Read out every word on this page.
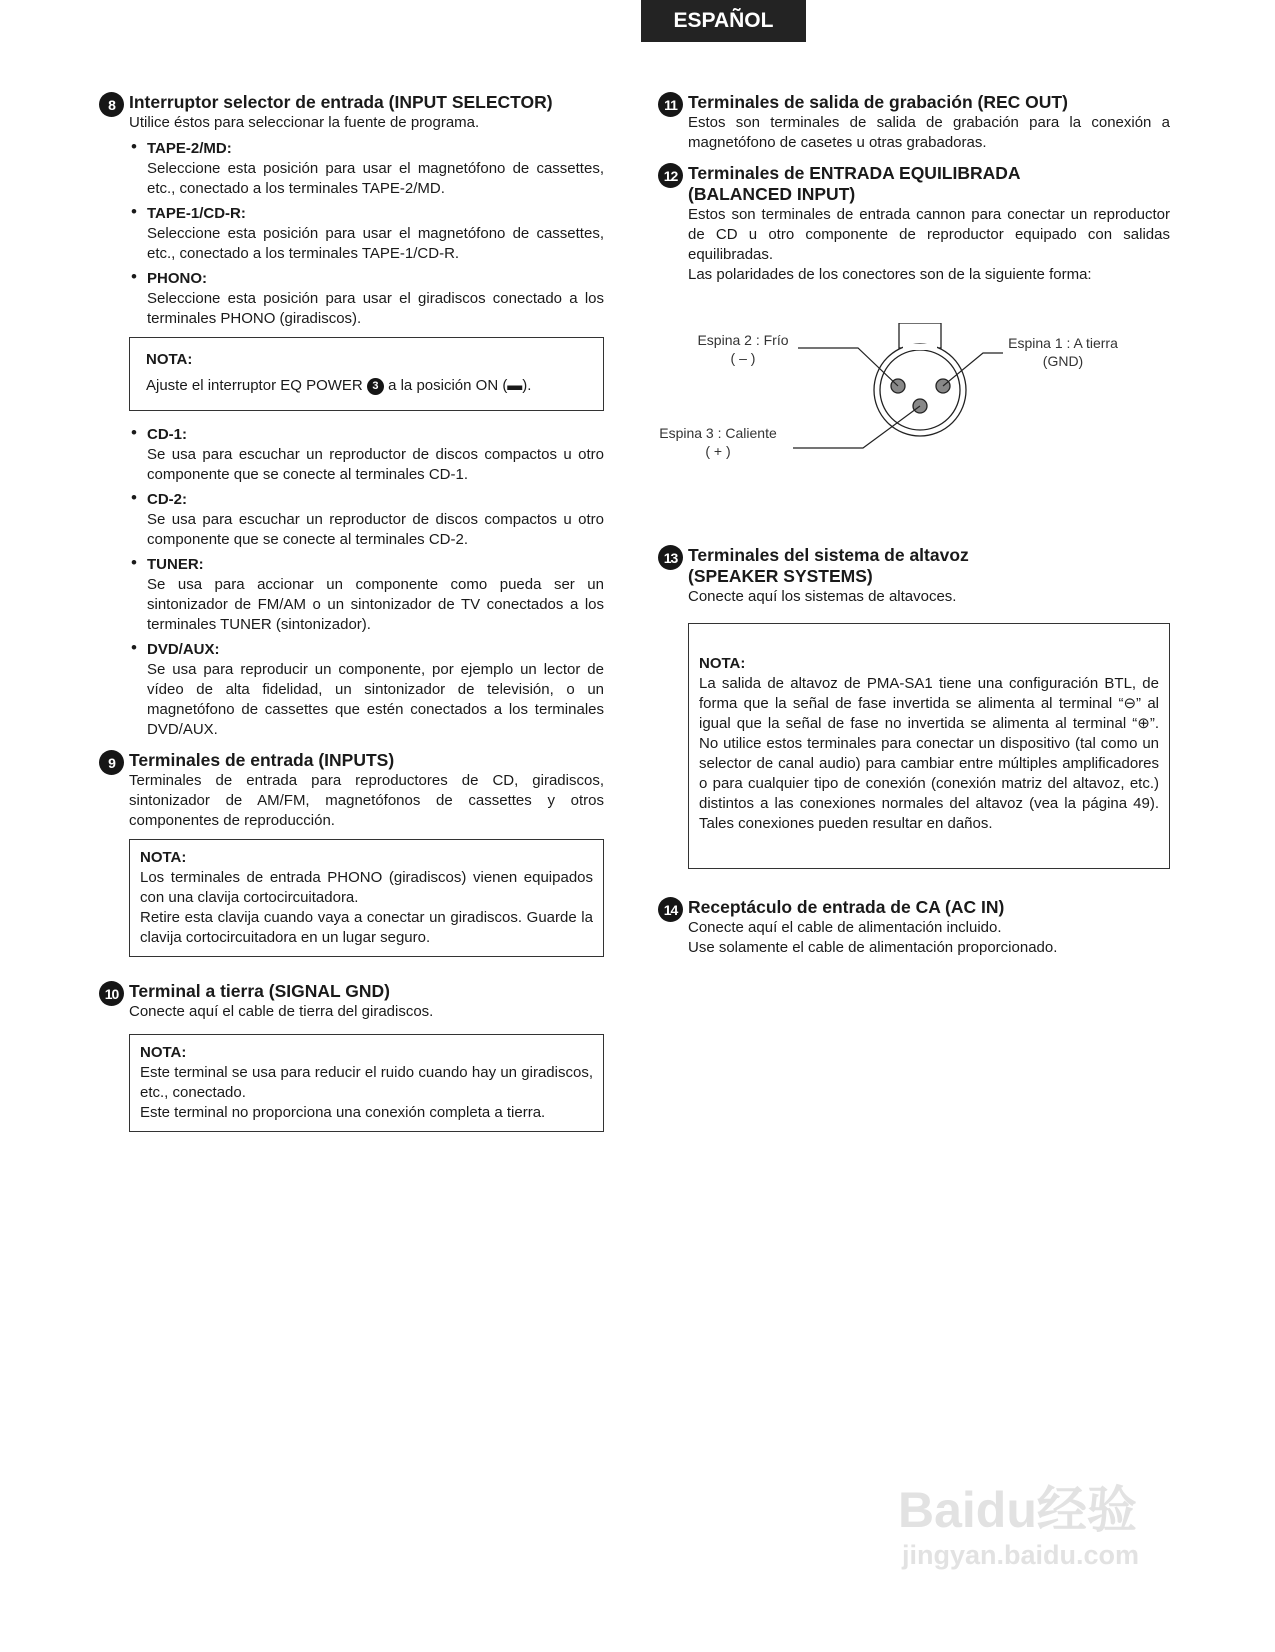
ESPAÑOL
8 Interruptor selector de entrada (INPUT SELECTOR)

Utilice éstos para seleccionar la fuente de programa.

• TAPE-2/MD:

Seleccione esta posición para usar el magnetófono de cassettes, etc., conectado a los terminales TAPE-2/MD.

• TAPE-1/CD-R:

Seleccione esta posición para usar el magnetófono de cassettes, etc., conectado a los terminales TAPE-1/CD-R.

• PHONO:

Seleccione esta posición para usar el giradiscos conectado a los terminales PHONO (giradiscos).

NOTA:

Ajuste el interruptor EQ POWER 3 a la posición ON (▬).

• CD-1:

Se usa para escuchar un reproductor de discos compactos u otro componente que se conecte al terminales CD-1.

• CD-2:

Se usa para escuchar un reproductor de discos compactos u otro componente que se conecte al terminales CD-2.

• TUNER:

Se usa para accionar un componente como pueda ser un sintonizador de FM/AM o un sintonizador de TV conectados a los terminales TUNER (sintonizador).

• DVD/AUX:

Se usa para reproducir un componente, por ejemplo un lector de vídeo de alta fidelidad, un sintonizador de televisión, o un magnetófono de cassettes que estén conectados a los terminales DVD/AUX.

9 Terminales de entrada (INPUTS)

Terminales de entrada para reproductores de CD, giradiscos, sintonizador de AM/FM, magnetófonos de cassettes y otros componentes de reproducción.

NOTA:

Los terminales de entrada PHONO (giradiscos) vienen equipados con una clavija cortocircuitadora.

Retire esta clavija cuando vaya a conectar un giradiscos. Guarde la clavija cortocircuitadora en un lugar seguro.

10 Terminal a tierra (SIGNAL GND)

Conecte aquí el cable de tierra del giradiscos.

NOTA:

Este terminal se usa para reducir el ruido cuando hay un giradiscos, etc., conectado.

Este terminal no proporciona una conexión completa a tierra.

11 Terminales de salida de grabación (REC OUT)

Estos son terminales de salida de grabación para la conexión a magnetófono de casetes u otras grabadoras.

12 Terminales de ENTRADA EQUILIBRADA
(BALANCED INPUT)

Estos son terminales de entrada cannon para conectar un reproductor de CD u otro componente de reproductor equipado con salidas equilibradas.

Las polaridades de los conectores son de la siguiente forma:

Espina 2 : Frío
( – )
Espina 1 : A tierra
(GND)
Espina 3 : Caliente
( + )
13 Terminales del sistema de altavoz
(SPEAKER SYSTEMS)

Conecte aquí los sistemas de altavoces.

NOTA:

La salida de altavoz de PMA-SA1 tiene una configuración BTL, de forma que la señal de fase invertida se alimenta al terminal “⊖” al igual que la señal de fase no invertida se alimenta al terminal “⊕”. No utilice estos terminales para conectar un dispositivo (tal como un selector de canal audio) para cambiar entre múltiples amplificadores o para cualquier tipo de conexión (conexión matriz del altavoz, etc.) distintos a las conexiones normales del altavoz (vea la página 49). Tales conexiones pueden resultar en daños.

14 Receptáculo de entrada de CA (AC IN)

Conecte aquí el cable de alimentación incluido.

Use solamente el cable de alimentación proporcionado.

Baidu经验
jingyan.baidu.com
